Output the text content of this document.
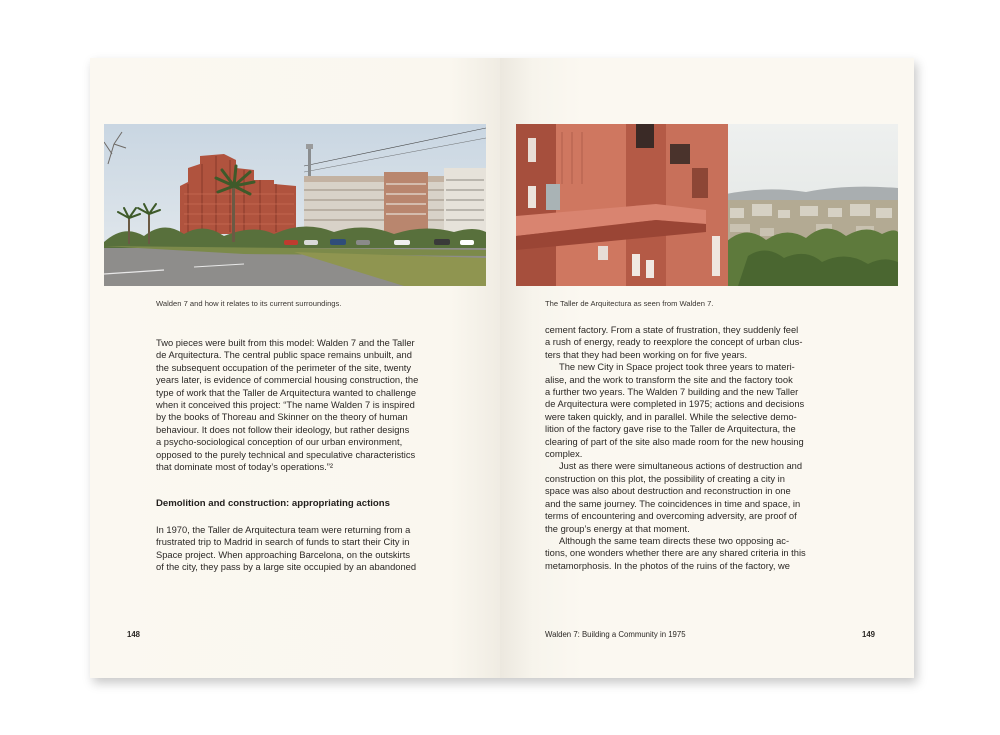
Walden 7 and how it relates to its current surroundings.
Two pieces were built from this model: Walden 7 and the Taller
de Arquitectura. The central public space remains unbuilt, and
the subsequent occupation of the perimeter of the site, twenty
years later, is evidence of commercial housing construction, the
type of work that the Taller de Arquitectura wanted to challenge
when it conceived this project: “The name Walden 7 is inspired
by the books of Thoreau and Skinner on the theory of human
behaviour. It does not follow their ideology, but rather designs
a psycho-sociological conception of our urban environment,
opposed to the purely technical and speculative characteristics
that dominate most of today’s operations.”²
Demolition and construction: appropriating actions
In 1970, the Taller de Arquitectura team were returning from a
frustrated trip to Madrid in search of funds to start their City in
Space project. When approaching Barcelona, on the outskirts
of the city, they pass by a large site occupied by an abandoned
148
The Taller de Arquitectura as seen from Walden 7.
cement factory. From a state of frustration, they suddenly feel
a rush of energy, ready to reexplore the concept of urban clus-
ters that they had been working on for five years.
The new City in Space project took three years to materi-
alise, and the work to transform the site and the factory took
a further two years. The Walden 7 building and the new Taller
de Arquitectura were completed in 1975; actions and decisions
were taken quickly, and in parallel. While the selective demo-
lition of the factory gave rise to the Taller de Arquitectura, the
clearing of part of the site also made room for the new housing
complex.
Just as there were simultaneous actions of destruction and
construction on this plot, the possibility of creating a city in
space was also about destruction and reconstruction in one
and the same journey. The coincidences in time and space, in
terms of encountering and overcoming adversity, are proof of
the group’s energy at that moment.
Although the same team directs these two opposing ac-
tions, one wonders whether there are any shared criteria in this
metamorphosis. In the photos of the ruins of the factory, we
Walden 7: Building a Community in 1975	149
